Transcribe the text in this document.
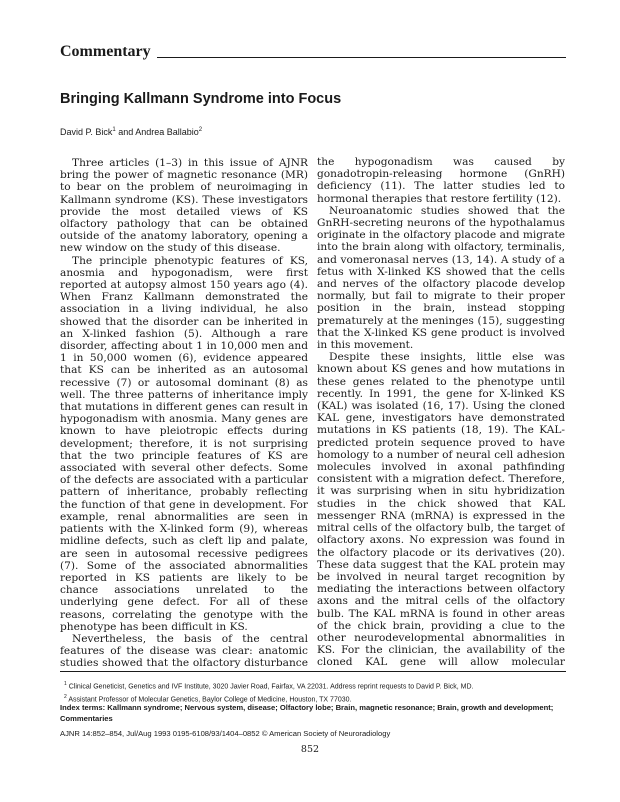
Commentary
Bringing Kallmann Syndrome into Focus
David P. Bick$^1$ and Andrea Ballabio$^2$

Three articles (1–3) in this issue of AJNR bring the power of magnetic resonance (MR) to bear on the problem of neuroimaging in Kallmann syndrome (KS). These investigators provide the most detailed views of KS olfactory pathology that can be obtained outside of the anatomy laboratory, opening a new window on the study of this disease.

The principle phenotypic features of KS, anosmia and hypogonadism, were first reported at autopsy almost 150 years ago (4). When Franz Kallmann demonstrated the association in a living individual, he also showed that the disorder can be inherited in an X-linked fashion (5). Although a rare disorder, affecting about 1 in 10,000 men and 1 in 50,000 women (6), evidence appeared that KS can be inherited as an autosomal recessive (7) or autosomal dominant (8) as well. The three patterns of inheritance imply that mutations in different genes can result in hypogonadism with anosmia. Many genes are known to have pleiotropic effects during development; therefore, it is not surprising that the two principle features of KS are associated with several other defects. Some of the defects are associated with a particular pattern of inheritance, probably reflecting the function of that gene in development. For example, renal abnormalities are seen in patients with the X-linked form (9), whereas midline defects, such as cleft lip and palate, are seen in autosomal recessive pedigrees (7). Some of the associated abnormalities reported in KS patients are likely to be chance associations unrelated to the underlying gene defect. For all of these reasons, correlating the genotype with the phenotype has been difficult in KS.

Nevertheless, the basis of the central features of the disease was clear: anatomic studies showed that the olfactory disturbance

the hypogonadism was caused by gonadotropin-releasing hormone (GnRH) deficiency (11). The latter studies led to hormonal therapies that restore fertility (12).

Neuroanatomic studies showed that the GnRH-secreting neurons of the hypothalamus originate in the olfactory placode and migrate into the brain along with olfactory, terminalis, and vomeronasal nerves (13, 14). A study of a fetus with X-linked KS showed that the cells and nerves of the olfactory placode develop normally, but fail to migrate to their proper position in the brain, instead stopping prematurely at the meninges (15), suggesting that the X-linked KS gene product is involved in this movement.

Despite these insights, little else was known about KS genes and how mutations in these genes related to the phenotype until recently. In 1991, the gene for X-linked KS (KAL) was isolated (16, 17). Using the cloned KAL gene, investigators have demonstrated mutations in KS patients (18, 19). The KAL-predicted protein sequence proved to have homology to a number of neural cell adhesion molecules involved in axonal pathfinding consistent with a migration defect. Therefore, it was surprising when in situ hybridization studies in the chick showed that KAL messenger RNA (mRNA) is expressed in the mitral cells of the olfactory bulb, the target of olfactory axons. No expression was found in the olfactory placode or its derivatives (20). These data suggest that the KAL protein may be involved in neural target recognition by mediating the interactions between olfactory axons and the mitral cells of the olfactory bulb. The KAL mRNA is found in other areas of the chick brain, providing a clue to the other neurodevelopmental abnormalities in KS. For the clinician, the availability of the cloned KAL gene will allow molecular

$^1$ Clinical Geneticist, Genetics and IVF Institute, 3020 Javier Road, Fairfax, VA 22031. Address reprint requests to David P. Bick, MD.
$^2$ Assistant Professor of Molecular Genetics, Baylor College of Medicine, Houston, TX 77030.
Index terms: Kallmann syndrome; Nervous system, disease; Olfactory lobe; Brain, magnetic resonance; Brain, growth and development; Commentaries
AJNR 14:852–854, Jul/Aug 1993 0195-6108/93/1404–0852 © American Society of Neuroradiology
852
